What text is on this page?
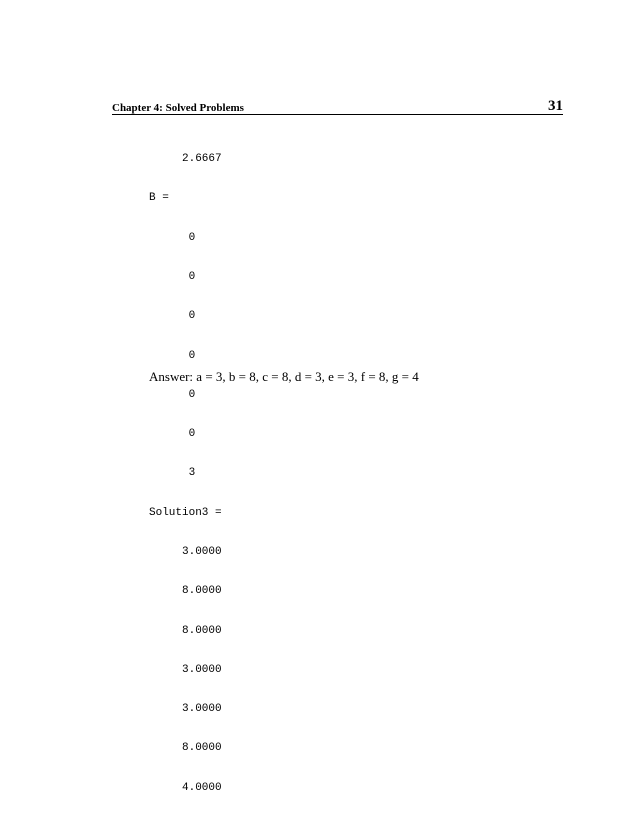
Chapter 4: Solved Problems	31

2.6667

B =

0

0

0

0

0

0

3

Solution3 =

3.0000

8.0000

8.0000

3.0000

3.0000

8.0000

4.0000

Answer: a = 3, b = 8, c = 8, d = 3, e = 3, f = 8, g = 4
